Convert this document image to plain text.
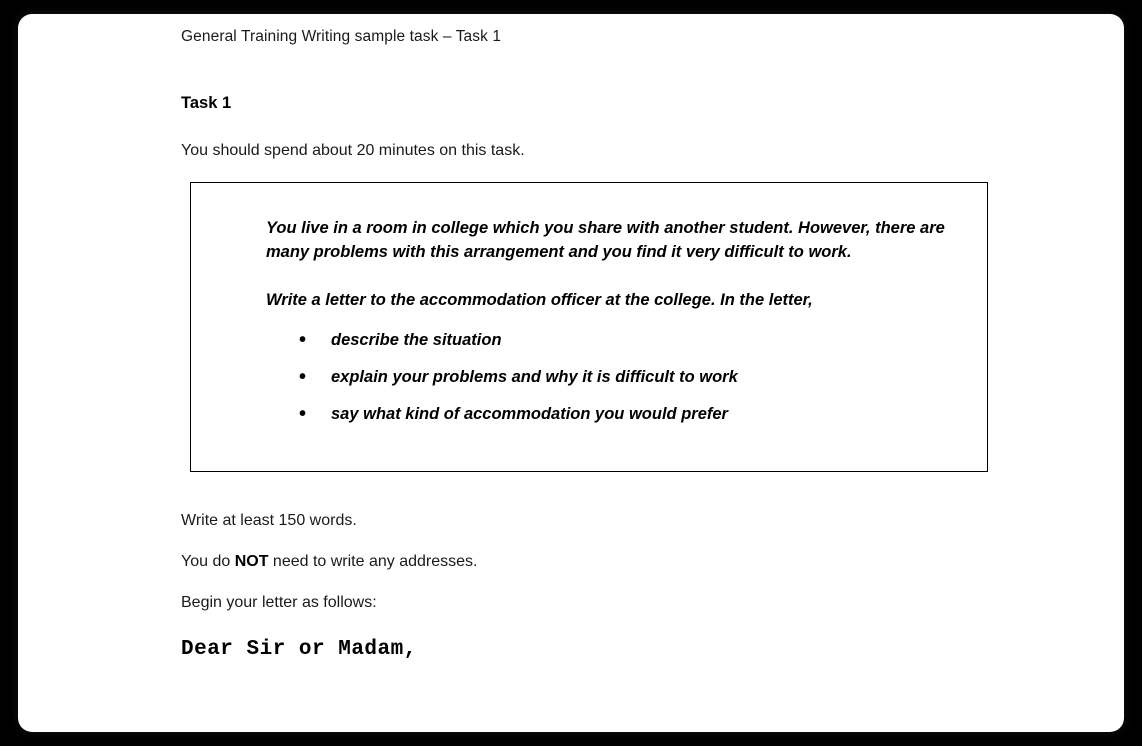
General Training Writing sample task – Task 1
Task 1
You should spend about 20 minutes on this task.

You live in a room in college which you share with another student. However, there are many problems with this arrangement and you find it very difficult to work.

Write a letter to the accommodation officer at the college. In the letter,

• describe the situation
• explain your problems and why it is difficult to work
• say what kind of accommodation you would prefer

Write at least 150 words.

You do NOT need to write any addresses.

Begin your letter as follows:

Dear Sir or Madam,
